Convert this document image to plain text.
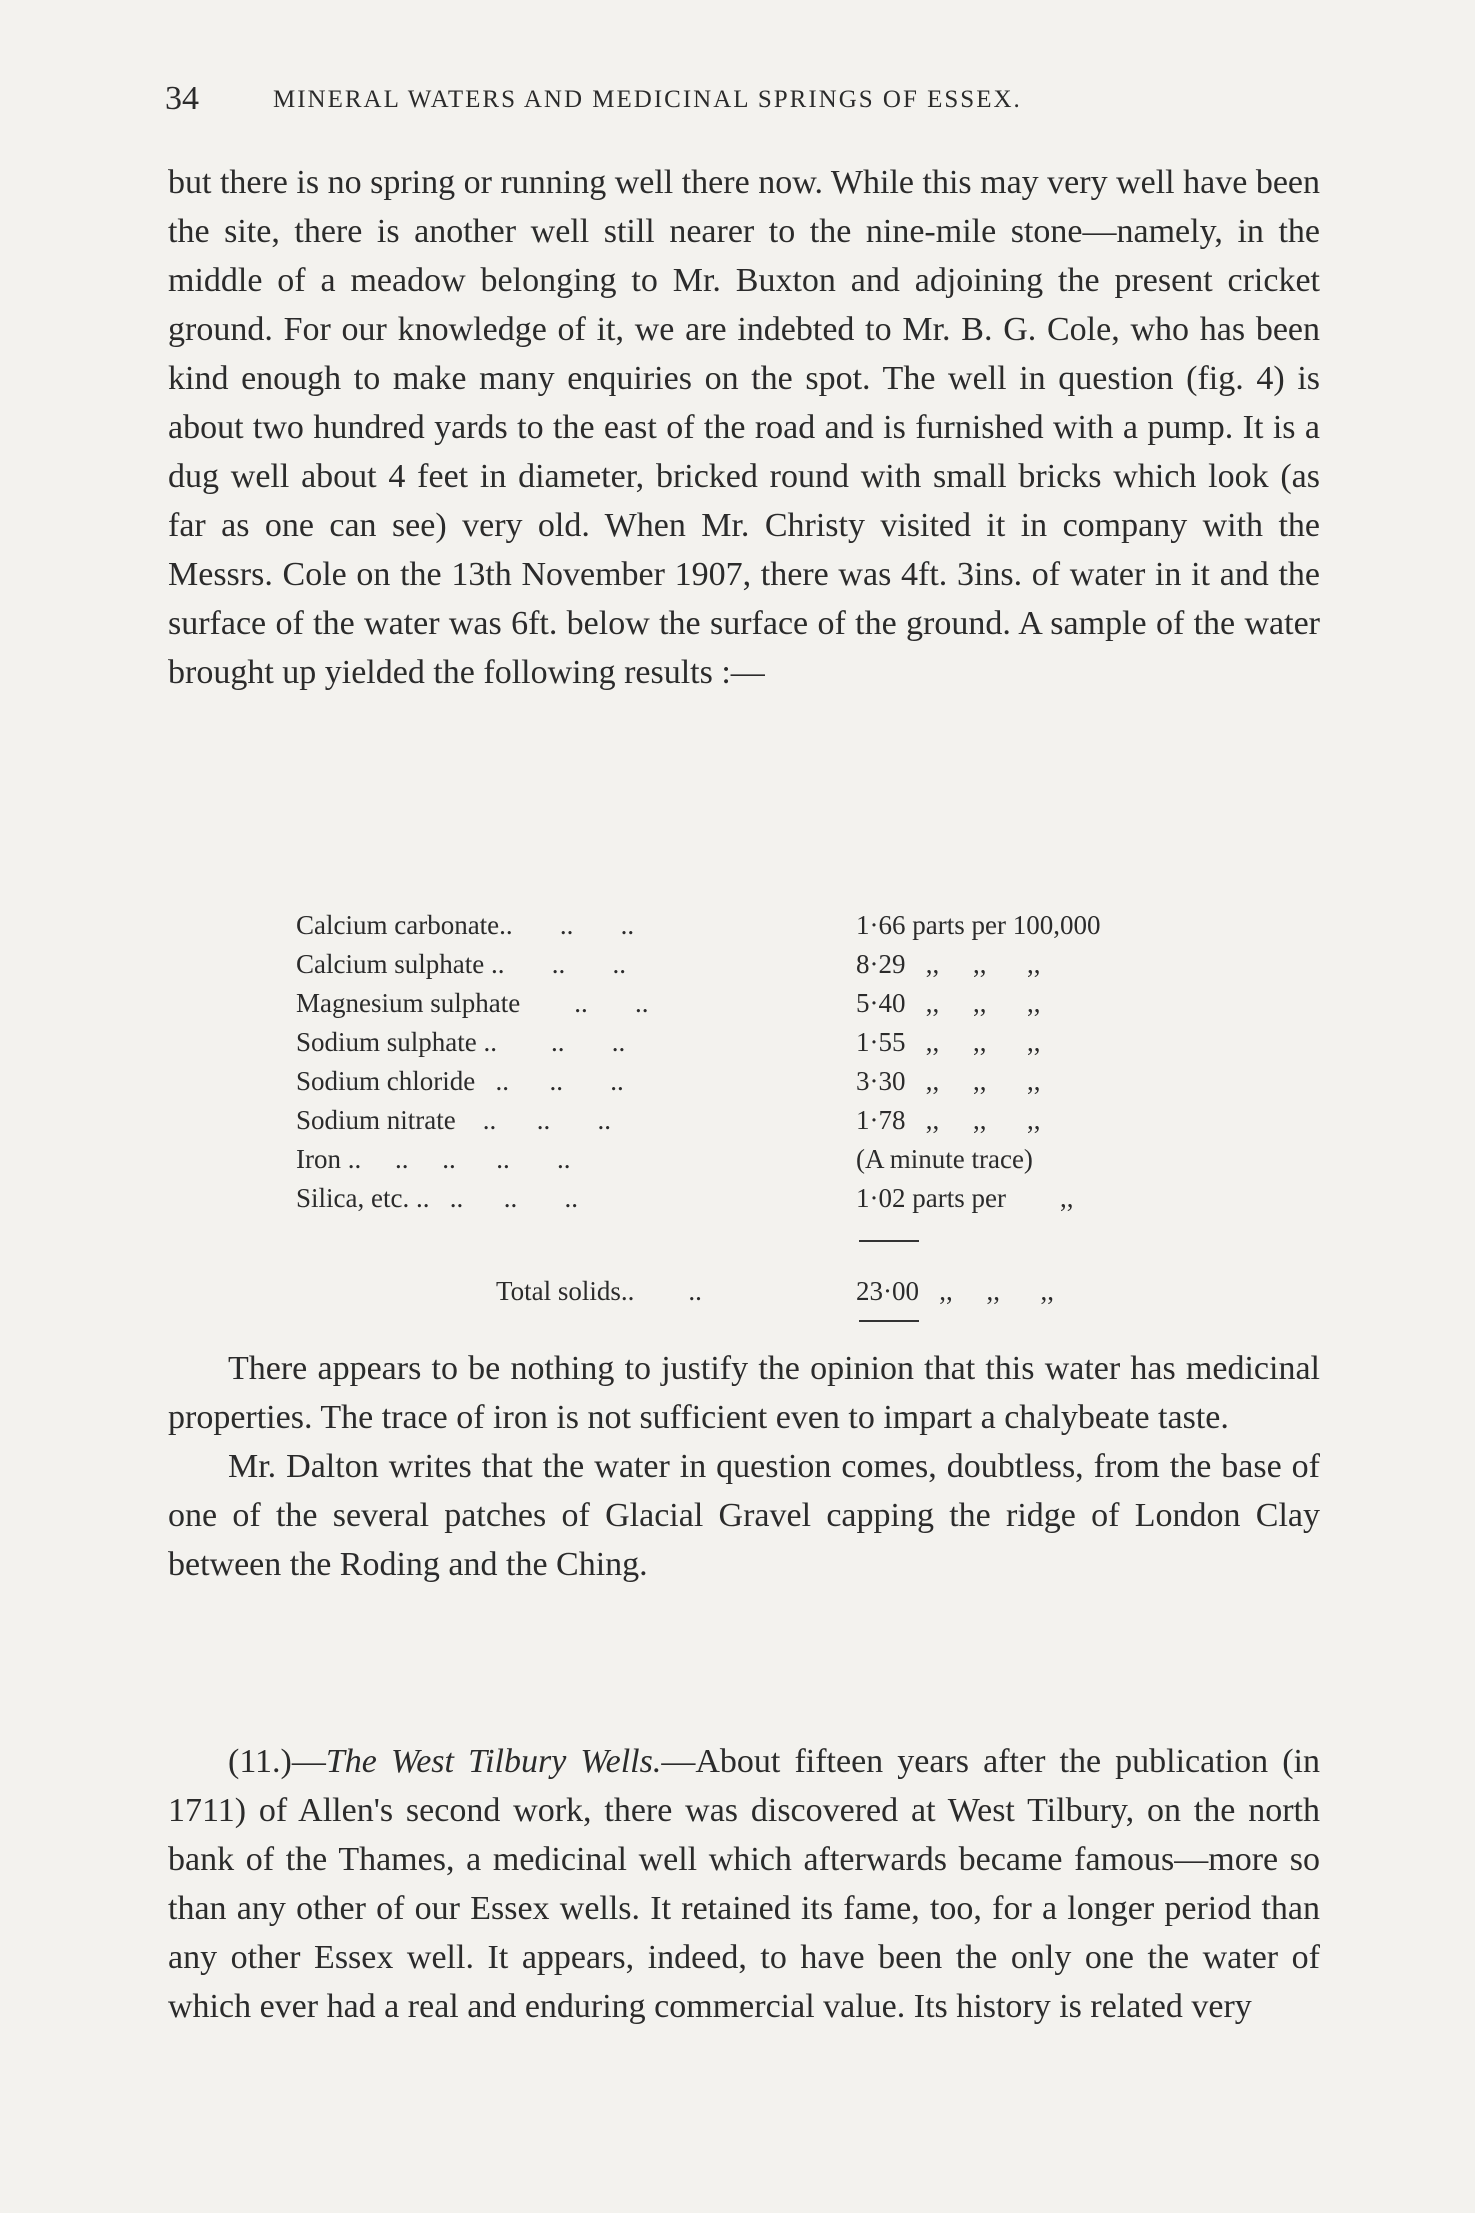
34	MINERAL WATERS AND MEDICINAL SPRINGS OF ESSEX.

but there is no spring or running well there now. While this may very well have been the site, there is another well still nearer to the nine-mile stone—namely, in the middle of a meadow belonging to Mr. Buxton and adjoining the present cricket ground. For our knowledge of it, we are indebted to Mr. B. G. Cole, who has been kind enough to make many enquiries on the spot. The well in question (fig. 4) is about two hundred yards to the east of the road and is furnished with a pump. It is a dug well about 4 feet in diameter, bricked round with small bricks which look (as far as one can see) very old. When Mr. Christy visited it in company with the Messrs. Cole on the 13th November 1907, there was 4ft. 3ins. of water in it and the surface of the water was 6ft. below the surface of the ground. A sample of the water brought up yielded the following results :—

Calcium carbonate..       ..       ..	1·66 parts per 100,000
Calcium sulphate ..       ..       ..	8·29   ,,     ,,      ,,
Magnesium sulphate        ..       ..	5·40   ,,     ,,      ,,
Sodium sulphate ..        ..       ..	1·55   ,,     ,,      ,,
Sodium chloride   ..      ..       ..	3·30   ,,     ,,      ,,
Sodium nitrate    ..      ..       ..	1·78   ,,     ,,      ,,
Iron ..     ..     ..      ..       ..	(A minute trace)
Silica, etc. ..   ..      ..       ..	1·02 parts per        ,,
Total solids..        ..	23·00   ,,     ,,      ,,

There appears to be nothing to justify the opinion that this water has medicinal properties. The trace of iron is not sufficient even to impart a chalybeate taste.

Mr. Dalton writes that the water in question comes, doubtless, from the base of one of the several patches of Glacial Gravel capping the ridge of London Clay between the Roding and the Ching.

(11.)—The West Tilbury Wells.—About fifteen years after the publication (in 1711) of Allen's second work, there was discovered at West Tilbury, on the north bank of the Thames, a medicinal well which afterwards became famous—more so than any other of our Essex wells. It retained its fame, too, for a longer period than any other Essex well. It appears, indeed, to have been the only one the water of which ever had a real and enduring commercial value. Its history is related very
